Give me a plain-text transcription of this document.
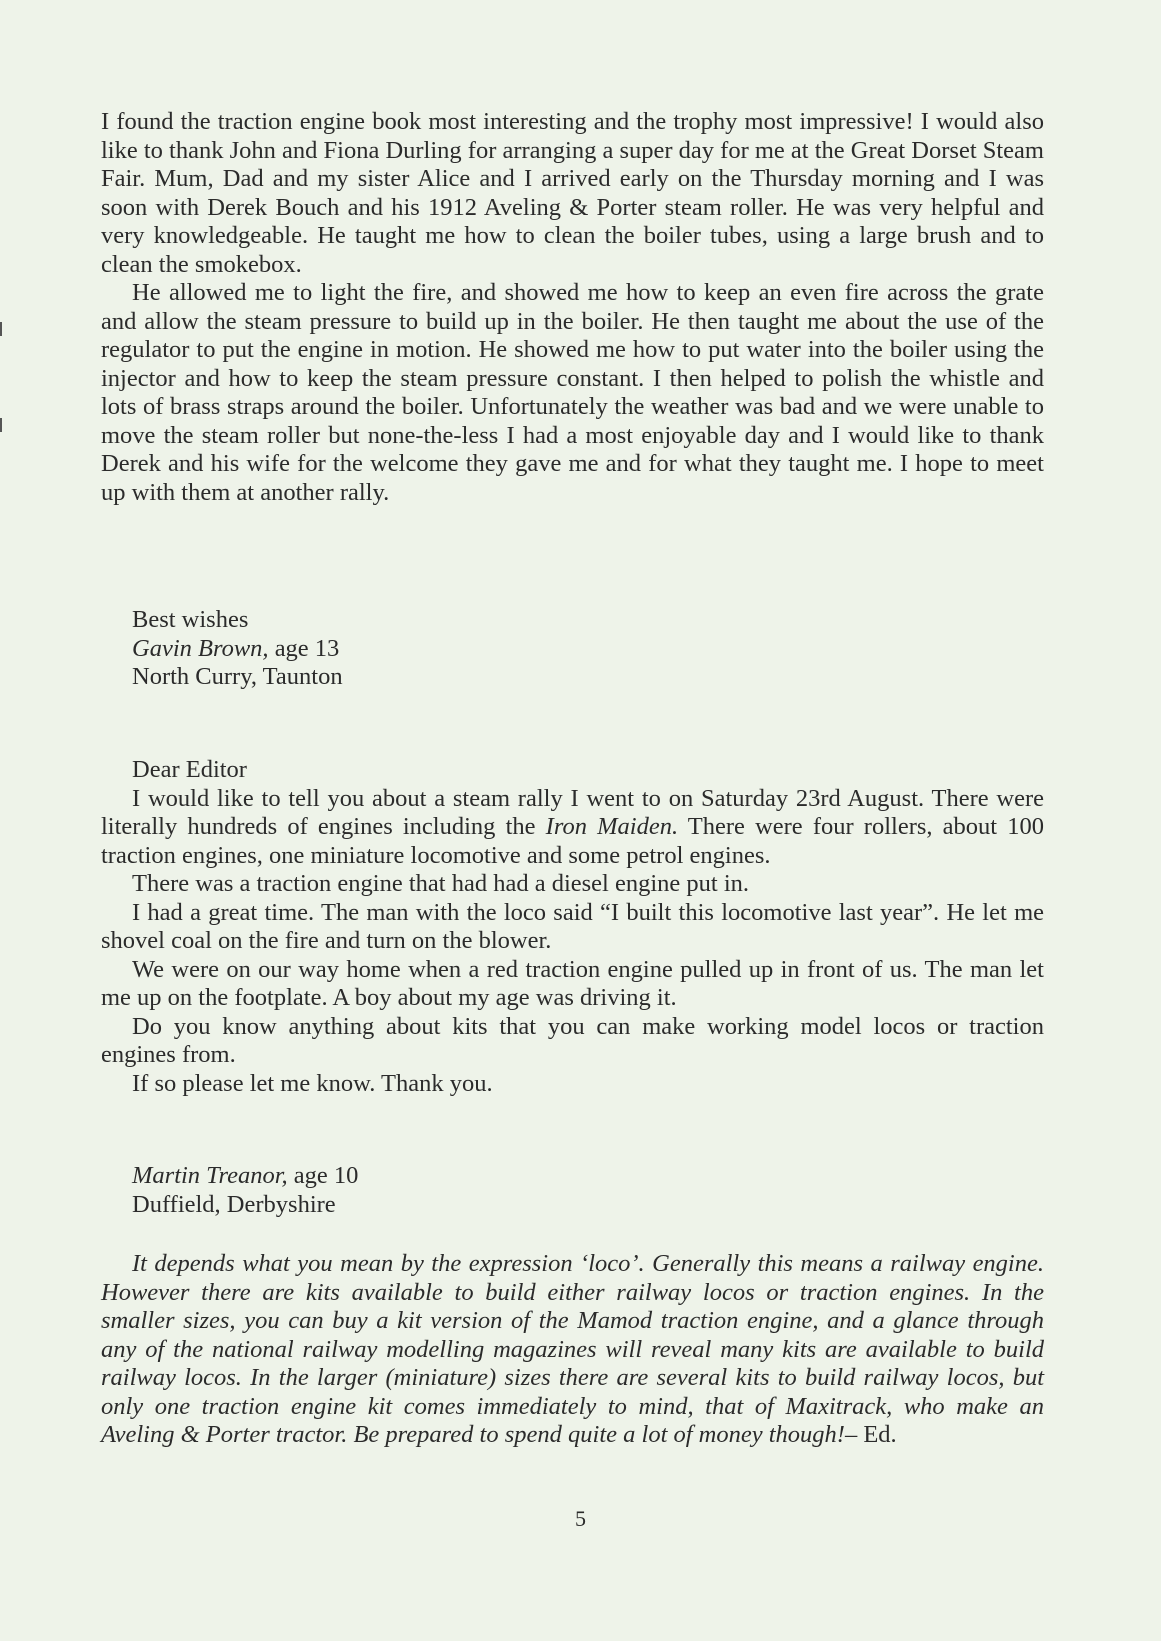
I found the traction engine book most interesting and the trophy most impressive! I would also like to thank John and Fiona Durling for arranging a super day for me at the Great Dorset Steam Fair. Mum, Dad and my sister Alice and I arrived early on the Thursday morning and I was soon with Derek Bouch and his 1912 Aveling & Porter steam roller. He was very helpful and very knowledgeable. He taught me how to clean the boiler tubes, using a large brush and to clean the smokebox.

He allowed me to light the fire, and showed me how to keep an even fire across the grate and allow the steam pressure to build up in the boiler. He then taught me about the use of the regulator to put the engine in motion. He showed me how to put water into the boiler using the injector and how to keep the steam pressure constant. I then helped to polish the whistle and lots of brass straps around the boiler. Unfortunately the weather was bad and we were unable to move the steam roller but none-the-less I had a most enjoyable day and I would like to thank Derek and his wife for the welcome they gave me and for what they taught me. I hope to meet up with them at another rally.

Best wishes
Gavin Brown, age 13
North Curry, Taunton

Dear Editor

I would like to tell you about a steam rally I went to on Saturday 23rd August. There were literally hundreds of engines including the Iron Maiden. There were four rollers, about 100 traction engines, one miniature locomotive and some petrol engines.

There was a traction engine that had had a diesel engine put in.

I had a great time. The man with the loco said “I built this locomotive last year”. He let me shovel coal on the fire and turn on the blower.

We were on our way home when a red traction engine pulled up in front of us. The man let me up on the footplate. A boy about my age was driving it.

Do you know anything about kits that you can make working model locos or traction engines from.

If so please let me know. Thank you.

Martin Treanor, age 10
Duffield, Derbyshire

It depends what you mean by the expression ‘loco’. Generally this means a railway engine. However there are kits available to build either railway locos or traction engines. In the smaller sizes, you can buy a kit version of the Mamod traction engine, and a glance through any of the national railway modelling magazines will reveal many kits are available to build railway locos. In the larger (miniature) sizes there are several kits to build railway locos, but only one traction engine kit comes immediately to mind, that of Maxitrack, who make an Aveling & Porter tractor. Be prepared to spend quite a lot of money though!– Ed.

5
